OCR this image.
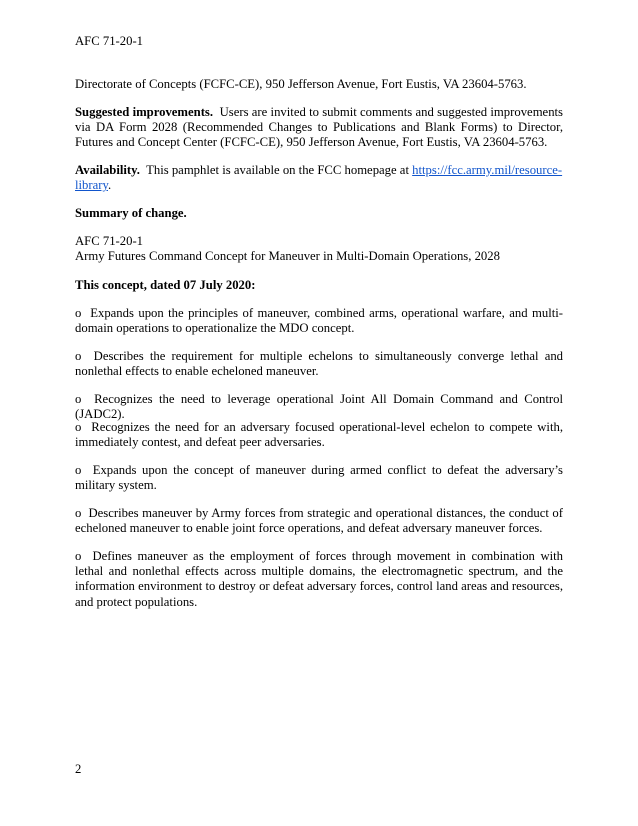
AFC 71-20-1

Directorate of Concepts (FCFC-CE), 950 Jefferson Avenue, Fort Eustis, VA 23604-5763.

Suggested improvements. Users are invited to submit comments and suggested improvements via DA Form 2028 (Recommended Changes to Publications and Blank Forms) to Director, Futures and Concept Center (FCFC-CE), 950 Jefferson Avenue, Fort Eustis, VA 23604-5763.

Availability. This pamphlet is available on the FCC homepage at https://fcc.army.mil/resource-library.

Summary of change.

AFC 71-20-1

Army Futures Command Concept for Maneuver in Multi-Domain Operations, 2028

This concept, dated 07 July 2020:

o Expands upon the principles of maneuver, combined arms, operational warfare, and multi-domain operations to operationalize the MDO concept.

o Describes the requirement for multiple echelons to simultaneously converge lethal and nonlethal effects to enable echeloned maneuver.

o Recognizes the need to leverage operational Joint All Domain Command and Control (JADC2).

o Recognizes the need for an adversary focused operational-level echelon to compete with, immediately contest, and defeat peer adversaries.

o Expands upon the concept of maneuver during armed conflict to defeat the adversary’s military system.

o Describes maneuver by Army forces from strategic and operational distances, the conduct of echeloned maneuver to enable joint force operations, and defeat adversary maneuver forces.

o Defines maneuver as the employment of forces through movement in combination with lethal and nonlethal effects across multiple domains, the electromagnetic spectrum, and the information environment to destroy or defeat adversary forces, control land areas and resources, and protect populations.

2
